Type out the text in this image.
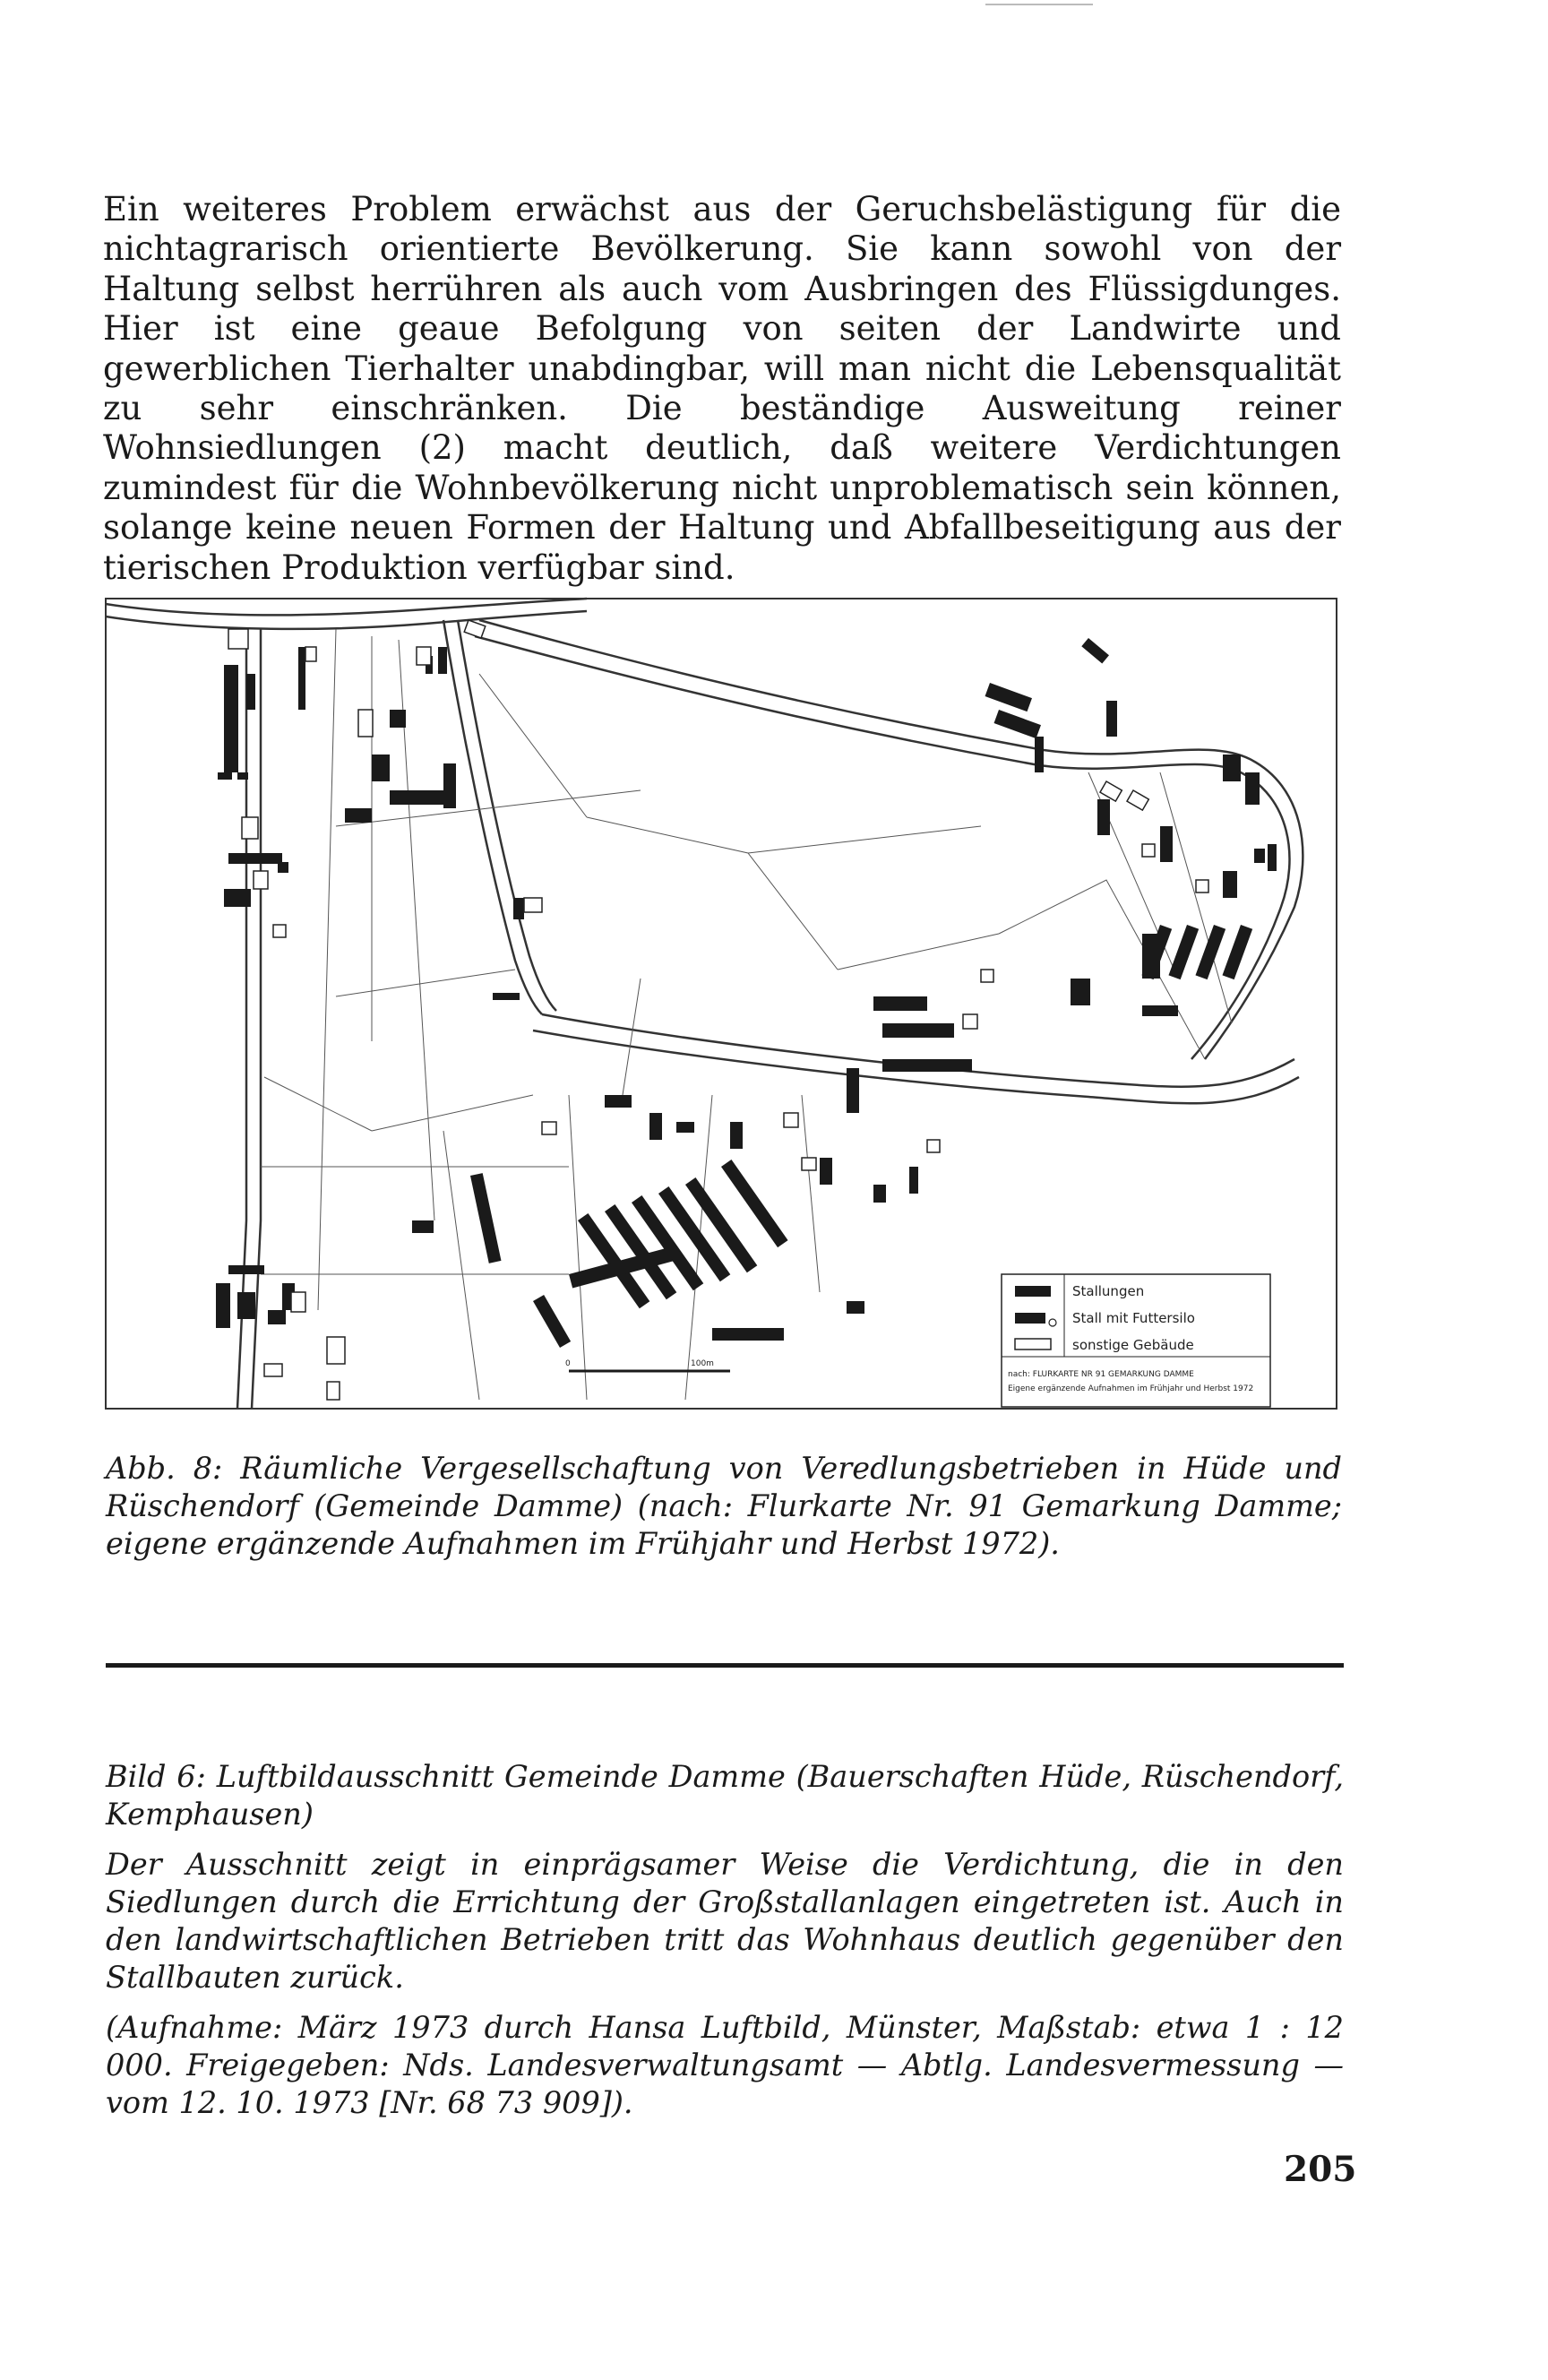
Ein weiteres Problem erwächst aus der Geruchsbelästigung für die nichtagrarisch orientierte Bevölkerung. Sie kann sowohl von der Haltung selbst herrühren als auch vom Ausbringen des Flüssigdunges. Hier ist eine geaue Befolgung von seiten der Landwirte und gewerblichen Tierhalter unabdingbar, will man nicht die Lebensqualität zu sehr einschränken. Die beständige Ausweitung reiner Wohnsiedlungen (2) macht deutlich, daß weitere Verdichtungen zumindest für die Wohnbevölkerung nicht unproblematisch sein können, solange keine neuen Formen der Haltung und Abfallbeseitigung aus der tierischen Produktion verfügbar sind.

Stallungen
Stall mit Futtersilo
sonstige Gebäude
nach: FLURKARTE NR 91 GEMARKUNG DAMME
Eigene ergänzende Aufnahmen im Frühjahr und Herbst 1972
0	100m

Abb. 8: Räumliche Vergesellschaftung von Veredlungsbetrieben in Hüde und Rüschendorf (Gemeinde Damme) (nach: Flurkarte Nr. 91 Gemarkung Damme; eigene ergänzende Aufnahmen im Frühjahr und Herbst 1972).

Bild 6: Luftbildausschnitt Gemeinde Damme (Bauerschaften Hüde, Rüschendorf, Kemphausen)

Der Ausschnitt zeigt in einprägsamer Weise die Verdichtung, die in den Siedlungen durch die Errichtung der Großstallanlagen eingetreten ist. Auch in den landwirtschaftlichen Betrieben tritt das Wohnhaus deutlich gegenüber den Stallbauten zurück.

(Aufnahme: März 1973 durch Hansa Luftbild, Münster, Maßstab: etwa 1 : 12 000. Freigegeben: Nds. Landesverwaltungsamt — Abtlg. Landesvermessung — vom 12. 10. 1973 [Nr. 68 73 909]).

205
